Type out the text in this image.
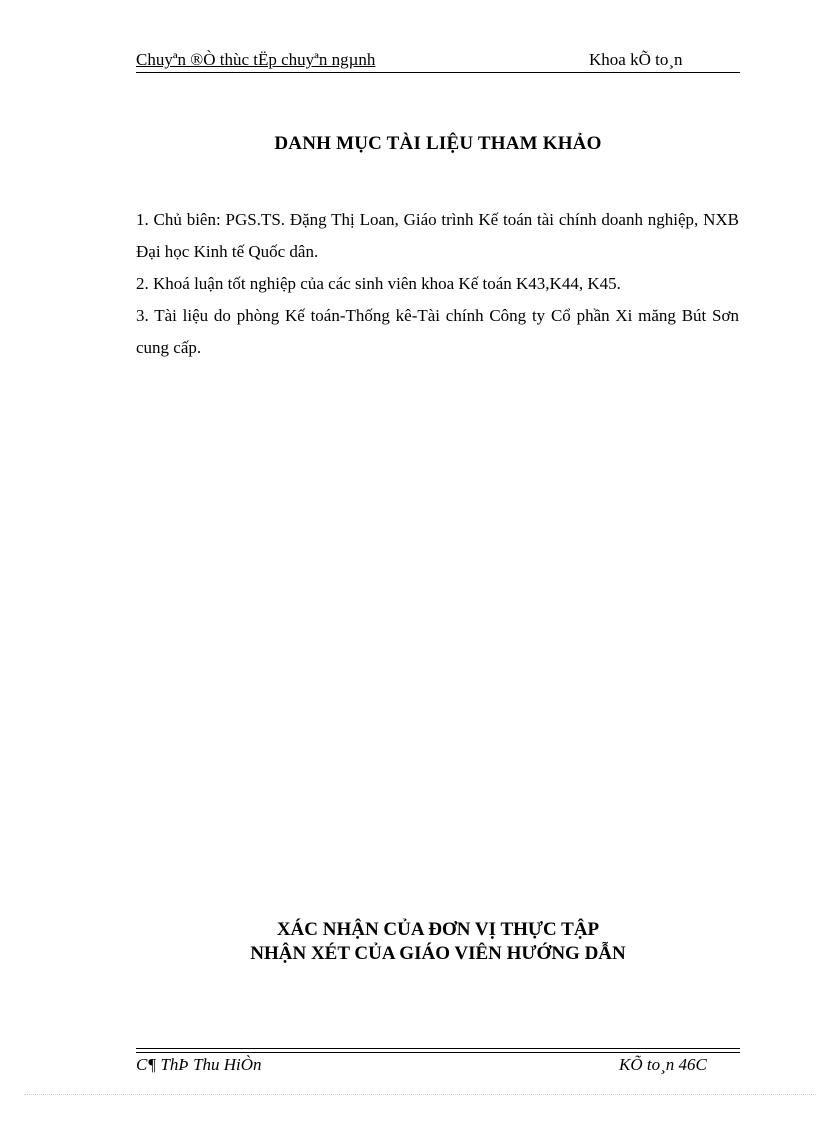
Chuyªn ®Ò thùc tËp chuyªn ngµnh	Khoa kÕ to¸n
DANH MỤC TÀI LIỆU THAM KHẢO

1. Chủ biên: PGS.TS. Đặng Thị Loan, Giáo trình Kế toán tài chính doanh nghiệp, NXB Đại học Kinh tế Quốc dân.

2. Khoá luận tốt nghiệp của các sinh viên khoa Kế toán K43,K44, K45.

3. Tài liệu do phòng Kế toán-Thống kê-Tài chính Công ty Cổ phần Xi măng Bút Sơn cung cấp.

XÁC NHẬN CỦA ĐƠN VỊ THỰC TẬP
NHẬN XÉT CỦA GIÁO VIÊN HƯỚNG DẪN
C¶ ThÞ Thu HiÒn	KÕ to¸n 46C
